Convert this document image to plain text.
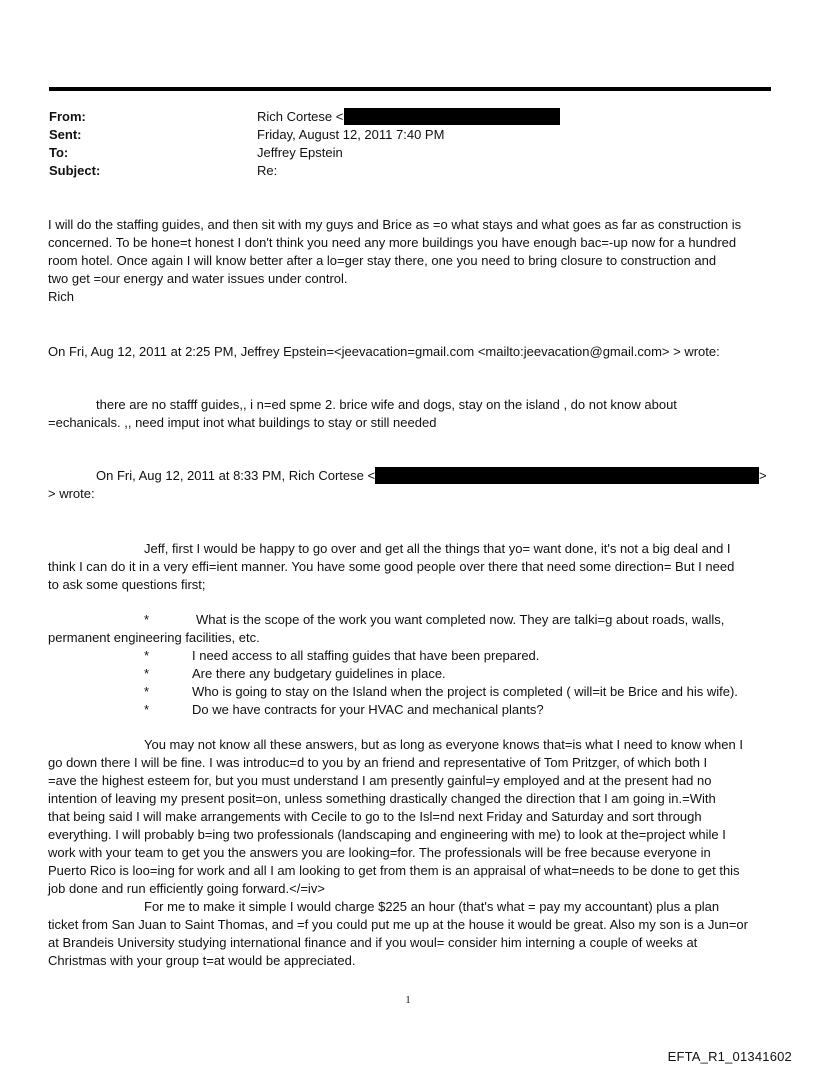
From:	Rich Cortese <
Sent:	Friday, August 12, 2011 7:40 PM
To:	Jeffrey Epstein
Subject:	Re:
I will do the staffing guides, and then sit with my guys and Brice as =o what stays and what goes as far as construction is
concerned. To be hone=t honest I don't think you need any more buildings you have enough bac=-up now for a hundred
room hotel. Once again I will know better after a lo=ger stay there, one you need to bring closure to construction and
two get =our energy and water issues under control.
Rich
On Fri, Aug 12, 2011 at 2:25 PM, Jeffrey Epstein=<jeevacation=gmail.com <mailto:jeevacation@gmail.com> > wrote:
there are no stafff guides,, i n=ed spme 2. brice wife and dogs, stay on the island , do not know about
=echanicals. ,, need imput inot what buildings to stay or still needed
On Fri, Aug 12, 2011 at 8:33 PM, Rich Cortese <	>
> wrote:
Jeff, first I would be happy to go over and get all the things that yo= want done, it's not a big deal and I
think I can do it in a very effi=ient manner. You have some good people over there that need some direction= But I need
to ask some questions first;
*	What is the scope of the work you want completed now. They are talki=g about roads, walls,
permanent engineering facilities, etc.
*	I need access to all staffing guides that have been prepared.
*	Are there any budgetary guidelines in place.
*	Who is going to stay on the Island when the project is completed ( will=it be Brice and his wife).
*	Do we have contracts for your HVAC and mechanical plants?
You may not know all these answers, but as long as everyone knows that=is what I need to know when I
go down there I will be fine. I was introduc=d to you by an friend and representative of Tom Pritzger, of which both I
=ave the highest esteem for, but you must understand I am presently gainful=y employed and at the present had no
intention of leaving my present posit=on, unless something drastically changed the direction that I am going in.=With
that being said I will make arrangements with Cecile to go to the Isl=nd next Friday and Saturday and sort through
everything. I will probably b=ing two professionals (landscaping and engineering with me) to look at the=project while I
work with your team to get you the answers you are looking=for. The professionals will be free because everyone in
Puerto Rico is loo=ing for work and all I am looking to get from them is an appraisal of what=needs to be done to get this
job done and run efficiently going forward.</=iv>
For me to make it simple I would charge $225 an hour (that's what = pay my accountant) plus a plan
ticket from San Juan to Saint Thomas, and =f you could put me up at the house it would be great. Also my son is a Jun=or
at Brandeis University studying international finance and if you woul= consider him interning a couple of weeks at
Christmas with your group t=at would be appreciated.
1
EFTA_R1_01341602
